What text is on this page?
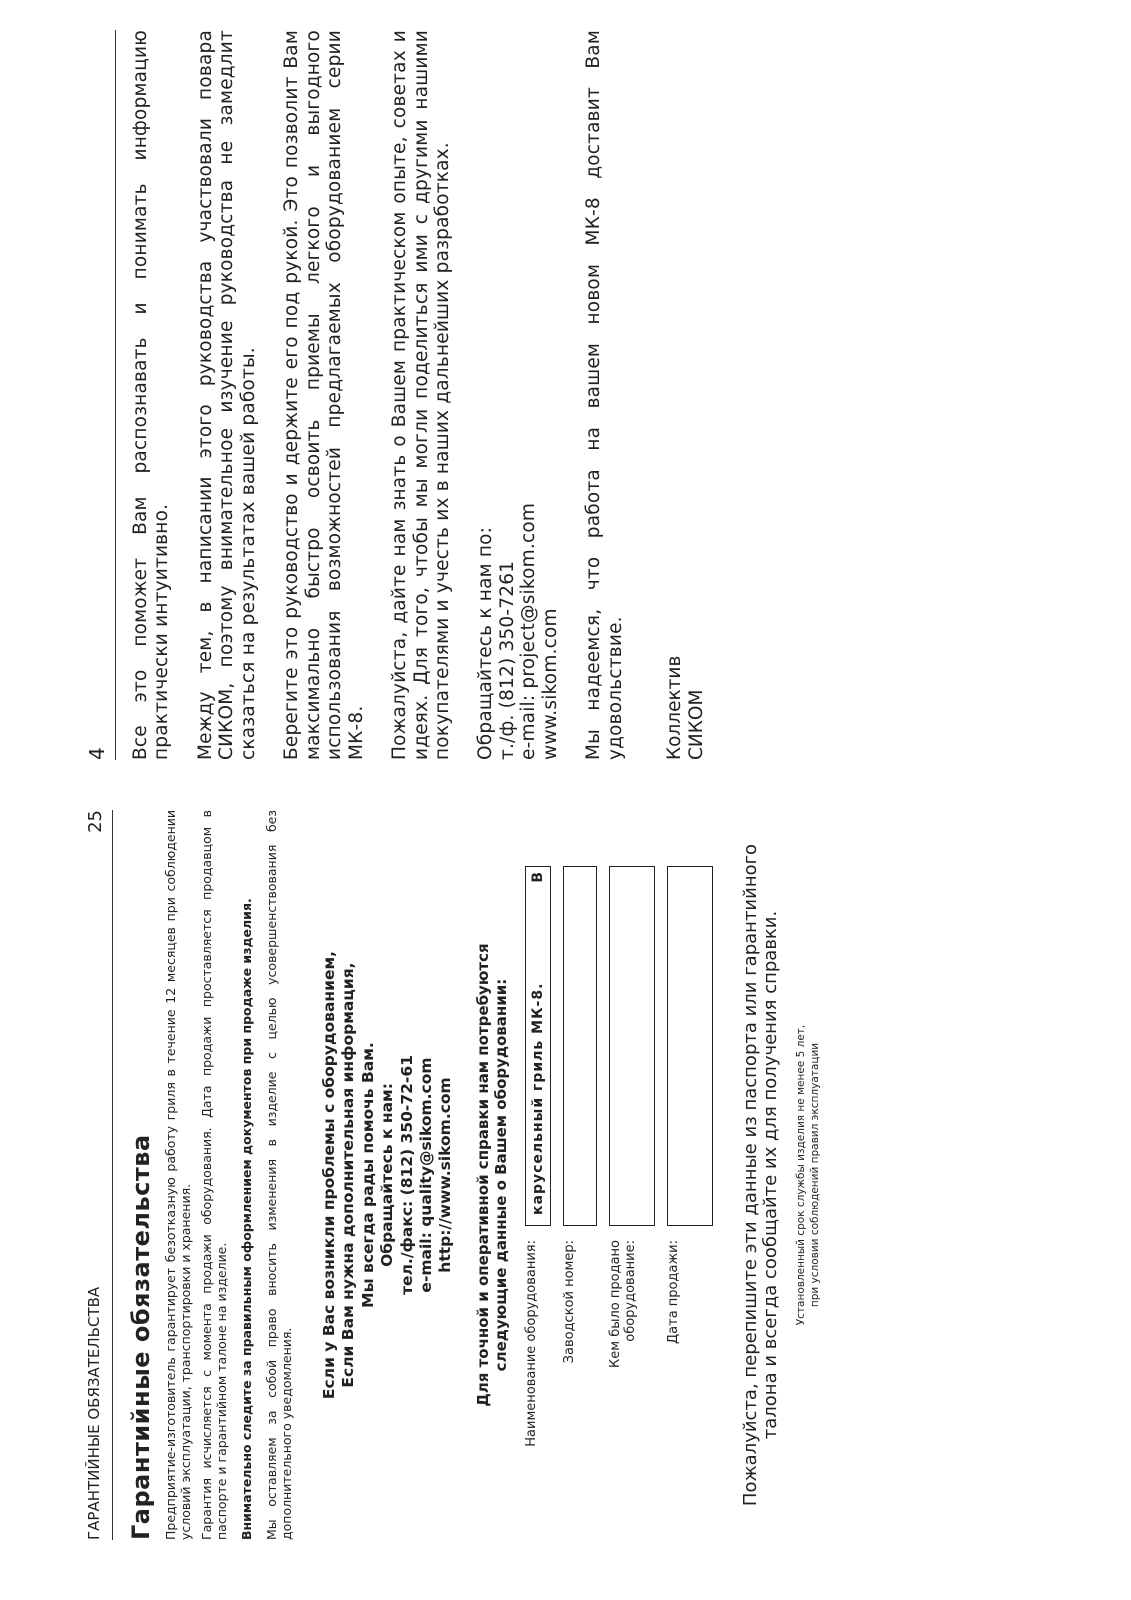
4 Все это поможет Вам распознавать и понимать информацию практически интуитивно. Между тем, в написании этого руководства участвовали повара СИКОМ, поэтому внимательное изучение руководства не замедлит сказаться на результатах вашей работы. Берегите это руководство и держите его под рукой. Это позволит Вам максимально быстро освоить приемы легкого и выгодного использования возможностей предлагаемых оборудованием серии МК-8. Пожалуйста, дайте нам знать о Вашем практическом опыте, советах и идеях. Для того, чтобы мы могли поделиться ими с другими нашими покупателями и учесть их в наших дальнейших разработках. Обращайтесь к нам по:
т./ф. (812) 350-7261
e-mail: project@sikom.com
www.sikom.com Мы надеемся, что работа на вашем новом МК-8 доставит Вам удовольствие. Коллектив
СИКОМ
ГАРАНТИЙНЫЕ ОБЯЗАТЕЛЬСТВА
25
Гарантийные обязательства Предприятие-изготовитель гарантирует безотказную работу гриля в течение 12 месяцев при соблюдении условий эксплуатации, транспортировки и хранения. Гарантия исчисляется с момента продажи оборудования. Дата продажи проставляется продавцом в паспорте и гарантийном талоне на изделие. Внимательно следите за правильным оформлением документов при продаже изделия. Мы оставляем за собой право вносить изменения в изделие с целью усовершенствования без дополнительного уведомления.

Если у Вас возникли проблемы с оборудованием, Если Вам нужна дополнительная информация, Мы всегда рады помочь Вам. Обращайтесь к нам: тел./факс: (812) 350-72-61 e-mail: quality@sikom.com http://www.sikom.com Для точной и оперативной справки нам потребуются следующие данные о Вашем оборудовании: Наименование оборудования:
карусельный гриль МК-8.
В
Заводской номер: Кем было продано
оборудование: Дата продажи:	Пожалуйста, перепишите эти данные из паспорта или гарантийного талона и всегда сообщайте их для получения справки. Установленный срок службы изделия не менее 5 лет, при условии соблюдений правил эксплуатации
